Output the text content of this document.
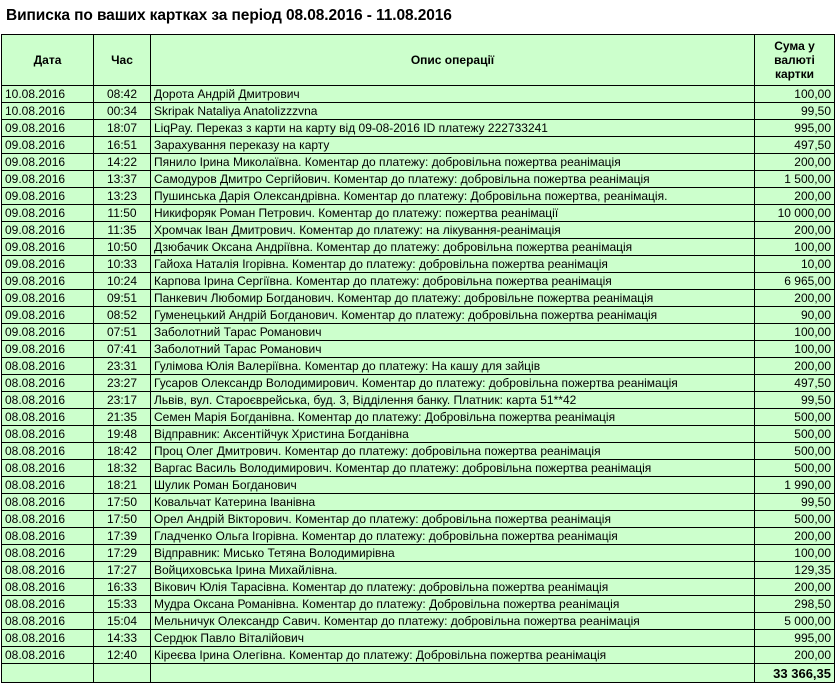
Виписка по ваших картках за період 08.08.2016 - 11.08.2016
Дата	Час	Опис операції	Сума у
валюті
картки
10.08.2016	08:42	Дорота Андрій Дмитрович	100,00
10.08.2016	00:34	Skripak Nataliya Anatolizzzvna	99,50
09.08.2016	18:07	LiqPay. Переказ з карти на карту від 09-08-2016 ID платежу 222733241	995,00
09.08.2016	16:51	Зарахування переказу на карту	497,50
09.08.2016	14:22	Пянило Ірина Миколаївна. Коментар до платежу: добровільна пожертва реанімація	200,00
09.08.2016	13:37	Самодуров Дмитро Сергійович. Коментар до платежу: добровільна пожертва реанімація	1 500,00
09.08.2016	13:23	Пушинська Дарія Олександрівна. Коментар до платежу: Добровільна пожертва, реанімація.	200,00
09.08.2016	11:50	Никифоряк Роман Петрович. Коментар до платежу: пожертва реанімації	10 000,00
09.08.2016	11:35	Хромчак Іван Дмитрович. Коментар до платежу: на лікування-реанімація	200,00
09.08.2016	10:50	Дзюбачик Оксана Андріївна. Коментар до платежу: добровільна пожертва реанімація	100,00
09.08.2016	10:33	Гайоха Наталія Ігорівна. Коментар до платежу: добровільна пожертва реанімація	10,00
09.08.2016	10:24	Карпова Ірина Сергіївна. Коментар до платежу: добровільна пожертва реанімація	6 965,00
09.08.2016	09:51	Панкевич Любомир Богданович. Коментар до платежу: добровільне пожертва реанімація	200,00
09.08.2016	08:52	Гуменецький Андрій Богданович. Коментар до платежу: добровільна пожертва реанімація	90,00
09.08.2016	07:51	Заболотний Тарас Романович	100,00
09.08.2016	07:41	Заболотний Тарас Романович	100,00
08.08.2016	23:31	Гулімова Юлія Валеріївна. Коментар до платежу: На кашу для зайців	200,00
08.08.2016	23:27	Гусаров Олександр Володимирович. Коментар до платежу: добровільна пожертва реанімація	497,50
08.08.2016	23:17	Львів, вул. Староєврейська, буд. 3, Відділення банку. Платник: карта 51**42	99,50
08.08.2016	21:35	Семен Марія Богданівна. Коментар до платежу: Добровільна пожертва реанімація	500,00
08.08.2016	19:48	Відправник: Аксентійчук Христина Богданівна	500,00
08.08.2016	18:42	Проц Олег Дмитрович. Коментар до платежу: добровільна пожертва реанімація	500,00
08.08.2016	18:32	Варгас Василь Володимирович. Коментар до платежу: добровільна пожертва реанімація	500,00
08.08.2016	18:21	Шулик Роман Богданович	1 990,00
08.08.2016	17:50	Ковальчат Катерина Іванівна	99,50
08.08.2016	17:50	Орел Андрій Вікторович. Коментар до платежу: добровільна пожертва реанімація	500,00
08.08.2016	17:39	Гладченко Ольга Ігорівна. Коментар до платежу: добровільна пожертва реанімація	200,00
08.08.2016	17:29	Відправник: Мисько Тетяна Володимирівна	100,00
08.08.2016	17:27	Войциховська Ірина Михайлівна.	129,35
08.08.2016	16:33	Вікович Юлія Тарасівна. Коментар до платежу: добровільна пожертва реанімація	200,00
08.08.2016	15:33	Мудра Оксана Романівна. Коментар до платежу: Добровільна пожертва реанімація	298,50
08.08.2016	15:04	Мельничук Олександр Савич. Коментар до платежу: добровільна пожертва реанімація	5 000,00
08.08.2016	14:33	Сердюк Павло Віталійович	995,00
08.08.2016	12:40	Кіреєва Ірина Олегівна. Коментар до платежу: Добровільна пожертва реанімація	200,00
			33 366,35
